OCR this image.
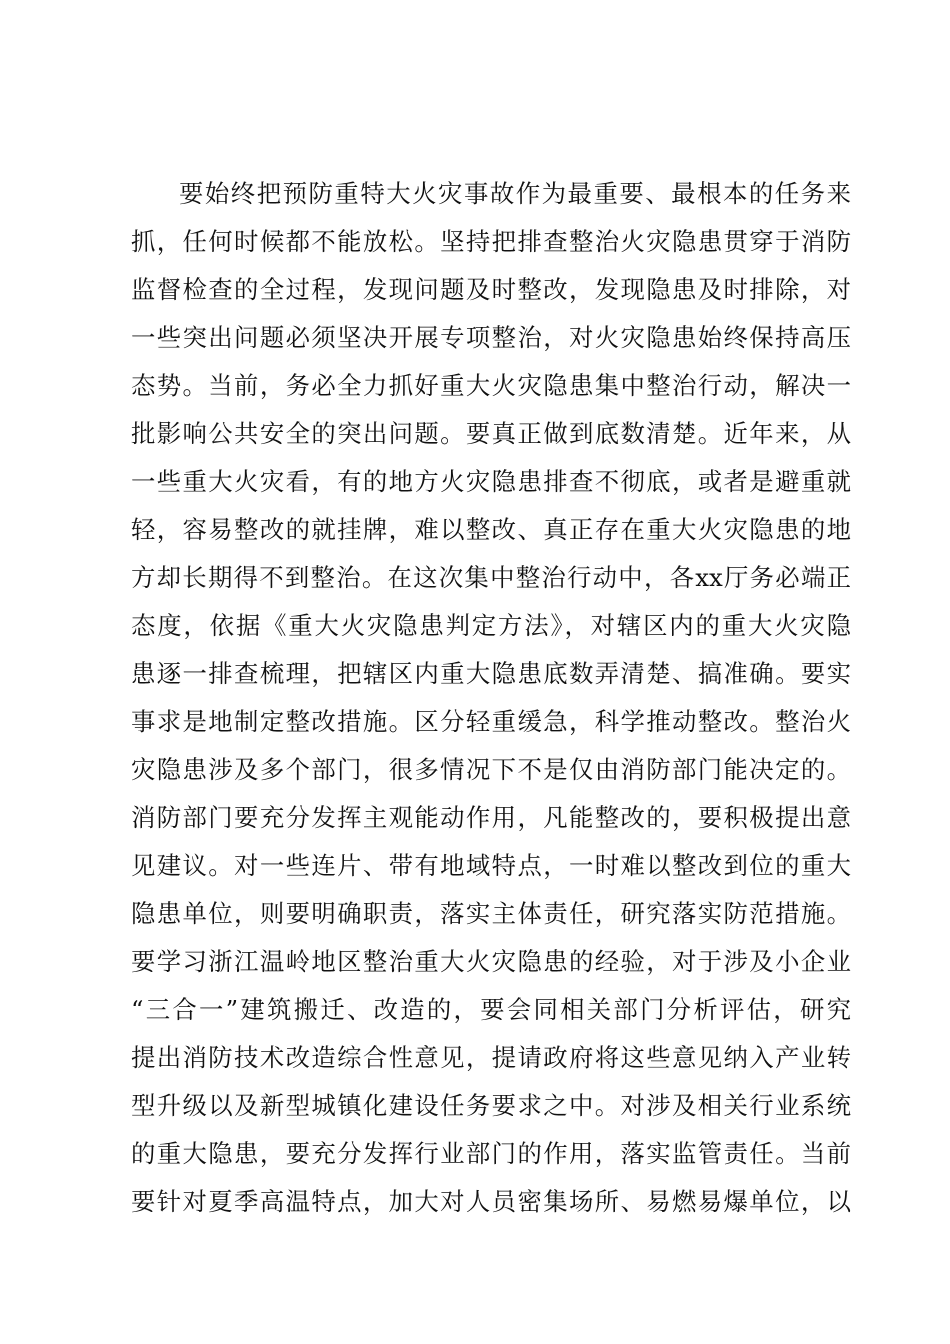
要始终把预防重特大火灾事故作为最重要、最根本的任务来
抓，任何时候都不能放松。坚持把排查整治火灾隐患贯穿于消防
监督检查的全过程，发现问题及时整改，发现隐患及时排除，对
一些突出问题必须坚决开展专项整治，对火灾隐患始终保持高压
态势。当前，务必全力抓好重大火灾隐患集中整治行动，解决一
批影响公共安全的突出问题。要真正做到底数清楚。近年来，从
一些重大火灾看，有的地方火灾隐患排查不彻底，或者是避重就
轻，容易整改的就挂牌，难以整改、真正存在重大火灾隐患的地
方却长期得不到整治。在这次集中整治行动中，各xx厅务必端正
态度，依据《重大火灾隐患判定方法》，对辖区内的重大火灾隐
患逐一排查梳理，把辖区内重大隐患底数弄清楚、搞准确。要实
事求是地制定整改措施。区分轻重缓急，科学推动整改。整治火
灾隐患涉及多个部门，很多情况下不是仅由消防部门能决定的。
消防部门要充分发挥主观能动作用，凡能整改的，要积极提出意
见建议。对一些连片、带有地域特点，一时难以整改到位的重大
隐患单位，则要明确职责，落实主体责任，研究落实防范措施。
要学习浙江温岭地区整治重大火灾隐患的经验，对于涉及小企业
“三合一”建筑搬迁、改造的，要会同相关部门分析评估，研究
提出消防技术改造综合性意见，提请政府将这些意见纳入产业转
型升级以及新型城镇化建设任务要求之中。对涉及相关行业系统
的重大隐患，要充分发挥行业部门的作用，落实监管责任。当前
要针对夏季高温特点，加大对人员密集场所、易燃易爆单位，以
